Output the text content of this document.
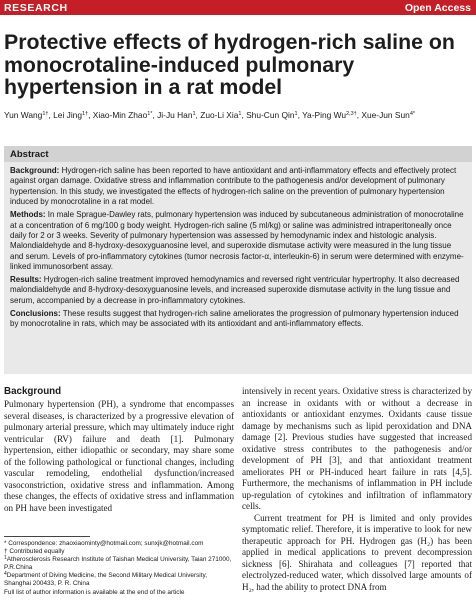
RESEARCH	Open Access
Protective effects of hydrogen-rich saline on monocrotaline-induced pulmonary hypertension in a rat model
Yun Wang$^{1\dagger}$, Lei Jing$^{1\dagger}$, Xiao-Min Zhao$^{1*}$, Ji-Ju Han$^1$, Zuo-Li Xia$^1$, Shu-Cun Qin$^1$, Ya-Ping $Wu^{2,3\dagger}$, Xue-Jun Sun$^{4*}$
Abstract

Background: Hydrogen-rich saline has been reported to have antioxidant and anti-inflammatory effects and effectively protect against organ damage. Oxidative stress and inflammation contribute to the pathogenesis and/or development of pulmonary hypertension. In this study, we investigated the effects of hydrogen-rich saline on the prevention of pulmonary hypertension induced by monocrotaline in a rat model.

Methods: In male Sprague-Dawley rats, pulmonary hypertension was induced by subcutaneous administration of monocrotaline at a concentration of 6 mg/100 g body weight. Hydrogen-rich saline (5 ml/kg) or saline was administred intraperitoneally once daily for 2 or 3 weeks. Severity of pulmonary hypertension was assessed by hemodynamic index and histologic analysis. Malondialdehyde and 8-hydroxy-desoxyguanosine level, and superoxide dismutase activity were measured in the lung tissue and serum. Levels of pro-inflammatory cytokines (tumor necrosis factor-α, interleukin-6) in serum were determined with enzyme-linked immunosorbent assay.

Results: Hydrogen-rich saline treatment improved hemodynamics and reversed right ventricular hypertrophy. It also decreased malondialdehyde and 8-hydroxy-desoxyguanosine levels, and increased superoxide dismutase activity in the lung tissue and serum, accompanied by a decrease in pro-inflammatory cytokines.

Conclusions: These results suggest that hydrogen-rich saline ameliorates the progression of pulmonary hypertension induced by monocrotaline in rats, which may be associated with its antioxidant and anti-inflammatory effects.

Background

Pulmonary hypertension (PH), a syndrome that encompasses several diseases, is characterized by a progressive elevation of pulmonary arterial pressure, which may ultimately induce right ventricular (RV) failure and death [1]. Pulmonary hypertension, either idiopathic or secondary, may share some of the following pathological or functional changes, including vascular remodeling, endothelial dysfunction/increased vasoconstriction, oxidative stress and inflammation. Among these changes, the effects of oxidative stress and inflammation on PH have been investigated

intensively in recent years. Oxidative stress is characterized by an increase in oxidants with or without a decrease in antioxidants or antioxidant enzymes. Oxidants cause tissue damage by mechanisms such as lipid peroxidation and DNA damage [2]. Previous studies have suggested that increased oxidative stress contributes to the pathogenesis and/or development of PH [3], and that antioxidant treatment ameliorates PH or PH-induced heart failure in rats [4,5]. Furthermore, the mechanisms of inflammation in PH include up-regulation of cytokines and infiltration of inflammatory cells.

Current treatment for PH is limited and only provides symptomatic relief. Therefore, it is imperative to look for new therapeutic approach for PH. Hydrogen gas (H₂) has been applied in medical applications to prevent decompression sickness [6]. Shirahata and colleagues [7] reported that electrolyzed-reduced water, which dissolved large amounts of H₂, had the ability to protect DNA from

* Correspondence: zhaoxiaominty@hotmail.com; sunxjk@hotmail.com
† Contributed equally
$^1$Atherosclerosis Research Institute of Taishan Medical University, Taian 271000, P.R.China
$^4$Department of Diving Medicine, the Second Military Medical University, Shanghai 200433, P. R. China
Full list of author information is available at the end of the article
